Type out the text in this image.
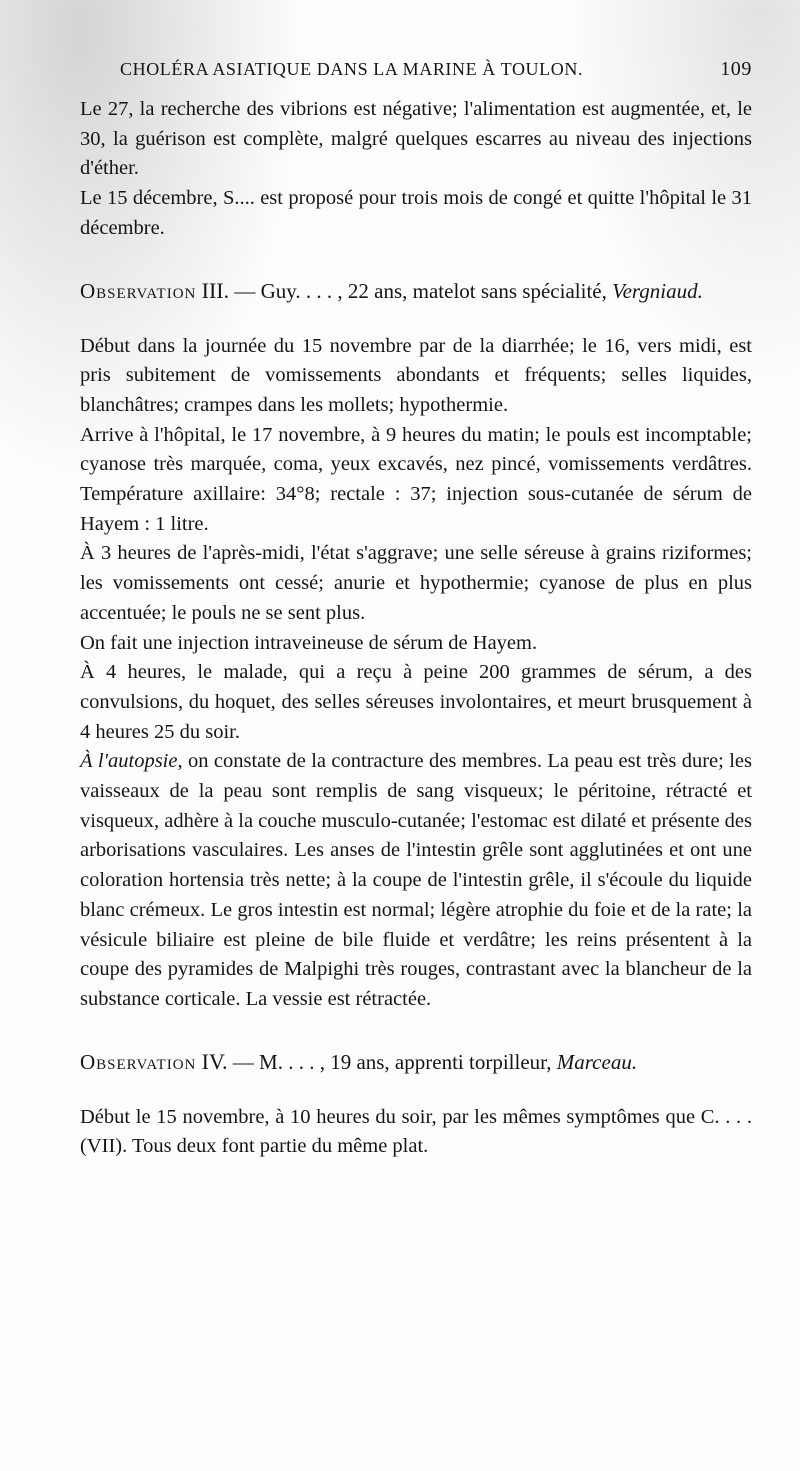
CHOLÉRA ASIATIQUE DANS LA MARINE À TOULON.	109

Le 27, la recherche des vibrions est négative; l'alimentation est augmentée, et, le 30, la guérison est complète, malgré quelques escarres au niveau des injections d'éther.

Le 15 décembre, S.... est proposé pour trois mois de congé et quitte l'hôpital le 31 décembre.

Observation III. — Guy. . . . , 22 ans, matelot sans spécialité, Vergniaud.

Début dans la journée du 15 novembre par de la diarrhée; le 16, vers midi, est pris subitement de vomissements abondants et fréquents; selles liquides, blanchâtres; crampes dans les mollets; hypothermie.

Arrive à l'hôpital, le 17 novembre, à 9 heures du matin; le pouls est incomptable; cyanose très marquée, coma, yeux excavés, nez pincé, vomissements verdâtres. Température axillaire: 34°8; rectale : 37; injection sous-cutanée de sérum de Hayem : 1 litre.

À 3 heures de l'après-midi, l'état s'aggrave; une selle séreuse à grains riziformes; les vomissements ont cessé; anurie et hypothermie; cyanose de plus en plus accentuée; le pouls ne se sent plus.

On fait une injection intraveineuse de sérum de Hayem.

À 4 heures, le malade, qui a reçu à peine 200 grammes de sérum, a des convulsions, du hoquet, des selles séreuses involontaires, et meurt brusquement à 4 heures 25 du soir.

À l'autopsie, on constate de la contracture des membres. La peau est très dure; les vaisseaux de la peau sont remplis de sang visqueux; le péritoine, rétracté et visqueux, adhère à la couche musculo-cutanée; l'estomac est dilaté et présente des arborisations vasculaires. Les anses de l'intestin grêle sont agglutinées et ont une coloration hortensia très nette; à la coupe de l'intestin grêle, il s'écoule du liquide blanc crémeux. Le gros intestin est normal; légère atrophie du foie et de la rate; la vésicule biliaire est pleine de bile fluide et verdâtre; les reins présentent à la coupe des pyramides de Malpighi très rouges, contrastant avec la blancheur de la substance corticale. La vessie est rétractée.

Observation IV. — M. . . . , 19 ans, apprenti torpilleur, Marceau.

Début le 15 novembre, à 10 heures du soir, par les mêmes symptômes que C. . . . (VII). Tous deux font partie du même plat.
